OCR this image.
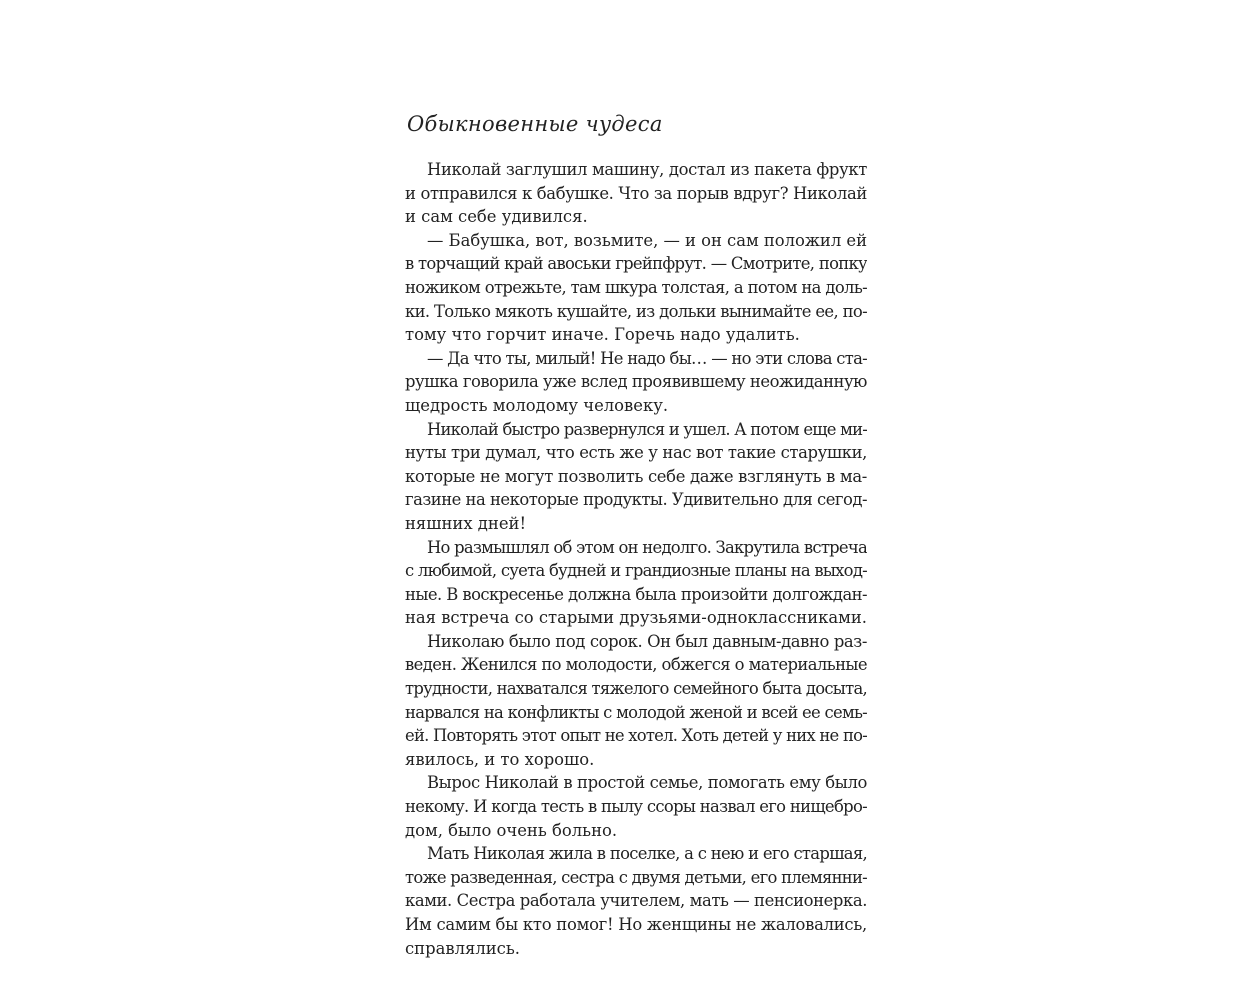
Обыкновенные чудеса
Николай заглушил машину, достал из пакета фрукт
и отправился к бабушке. Что за порыв вдруг? Николай
и сам себе удивился.
— Бабушка, вот, возьмите, — и он сам положил ей
в торчащий край авоськи грейпфрут. — Смотрите, попку
ножиком отрежьте, там шкура толстая, а потом на доль-
ки. Только мякоть кушайте, из дольки вынимайте ее, по-
тому что горчит иначе. Горечь надо удалить.
— Да что ты, милый! Не надо бы… — но эти слова ста-
рушка говорила уже вслед проявившему неожиданную
щедрость молодому человеку.
Николай быстро развернулся и ушел. А потом еще ми-
нуты три думал, что есть же у нас вот такие старушки,
которые не могут позволить себе даже взглянуть в ма-
газине на некоторые продукты. Удивительно для сегод-
няшних дней!
Но размышлял об этом он недолго. Закрутила встреча
с любимой, суета будней и грандиозные планы на выход-
ные. В воскресенье должна была произойти долгождан-
ная встреча со старыми друзьями-одноклассниками.
Николаю было под сорок. Он был давным-давно раз-
веден. Женился по молодости, обжегся о материальные
трудности, нахватался тяжелого семейного быта досыта,
нарвался на конфликты с молодой женой и всей ее семь-
ей. Повторять этот опыт не хотел. Хоть детей у них не по-
явилось, и то хорошо.
Вырос Николай в простой семье, помогать ему было
некому. И когда тесть в пылу ссоры назвал его нищебро-
дом, было очень больно.
Мать Николая жила в поселке, а с нею и его старшая,
тоже разведенная, сестра с двумя детьми, его племянни-
ками. Сестра работала учителем, мать — пенсионерка.
Им самим бы кто помог! Но женщины не жаловались,
справлялись.
